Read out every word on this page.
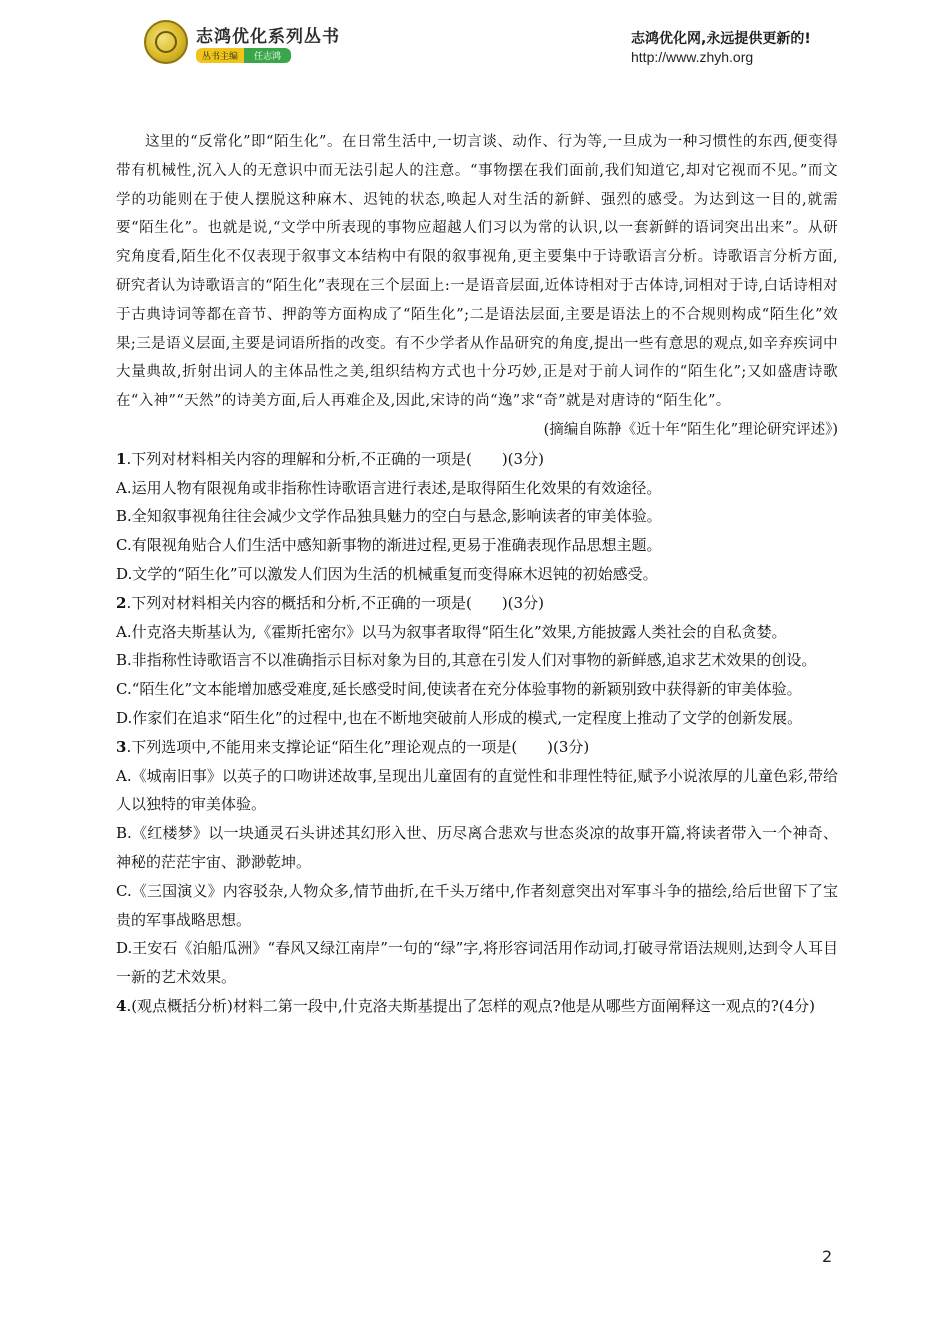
志鸿优化系列丛书
丛书主编	任志鸿
志鸿优化网,永远提供更新的!
http://www.zhyh.org

这里的“反常化”即“陌生化”。在日常生活中,一切言谈、动作、行为等,一旦成为一种习惯性的东西,便变得带有机械性,沉入人的无意识中而无法引起人的注意。“事物摆在我们面前,我们知道它,却对它视而不见。”而文学的功能则在于使人摆脱这种麻木、迟钝的状态,唤起人对生活的新鲜、强烈的感受。为达到这一目的,就需要“陌生化”。也就是说,“文学中所表现的事物应超越人们习以为常的认识,以一套新鲜的语词突出出来”。从研究角度看,陌生化不仅表现于叙事文本结构中有限的叙事视角,更主要集中于诗歌语言分析。诗歌语言分析方面,研究者认为诗歌语言的“陌生化”表现在三个层面上:一是语音层面,近体诗相对于古体诗,词相对于诗,白话诗相对于古典诗词等都在音节、押韵等方面构成了“陌生化”;二是语法层面,主要是语法上的不合规则构成“陌生化”效果;三是语义层面,主要是词语所指的改变。有不少学者从作品研究的角度,提出一些有意思的观点,如辛弃疾词中大量典故,折射出词人的主体品性之美,组织结构方式也十分巧妙,正是对于前人词作的“陌生化”;又如盛唐诗歌在“入神”“天然”的诗美方面,后人再难企及,因此,宋诗的尚“逸”求“奇”就是对唐诗的“陌生化”。

(摘编自陈静《近十年“陌生化”理论研究评述》)

1.下列对材料相关内容的理解和分析,不正确的一项是(　　)(3分)

A.运用人物有限视角或非指称性诗歌语言进行表述,是取得陌生化效果的有效途径。

B.全知叙事视角往往会减少文学作品独具魅力的空白与悬念,影响读者的审美体验。

C.有限视角贴合人们生活中感知新事物的渐进过程,更易于准确表现作品思想主题。

D.文学的“陌生化”可以激发人们因为生活的机械重复而变得麻木迟钝的初始感受。

2.下列对材料相关内容的概括和分析,不正确的一项是(　　)(3分)

A.什克洛夫斯基认为,《霍斯托密尔》以马为叙事者取得“陌生化”效果,方能披露人类社会的自私贪婪。

B.非指称性诗歌语言不以准确指示目标对象为目的,其意在引发人们对事物的新鲜感,追求艺术效果的创设。

C.“陌生化”文本能增加感受难度,延长感受时间,使读者在充分体验事物的新颖别致中获得新的审美体验。

D.作家们在追求“陌生化”的过程中,也在不断地突破前人形成的模式,一定程度上推动了文学的创新发展。

3.下列选项中,不能用来支撑论证“陌生化”理论观点的一项是(　　)(3分)

A.《城南旧事》以英子的口吻讲述故事,呈现出儿童固有的直觉性和非理性特征,赋予小说浓厚的儿童色彩,带给人以独特的审美体验。

B.《红楼梦》以一块通灵石头讲述其幻形入世、历尽离合悲欢与世态炎凉的故事开篇,将读者带入一个神奇、神秘的茫茫宇宙、渺渺乾坤。

C.《三国演义》内容驳杂,人物众多,情节曲折,在千头万绪中,作者刻意突出对军事斗争的描绘,给后世留下了宝贵的军事战略思想。

D.王安石《泊船瓜洲》“春风又绿江南岸”一句的“绿”字,将形容词活用作动词,打破寻常语法规则,达到令人耳目一新的艺术效果。

4.(观点概括分析)材料二第一段中,什克洛夫斯基提出了怎样的观点?他是从哪些方面阐释这一观点的?(4分)

2
